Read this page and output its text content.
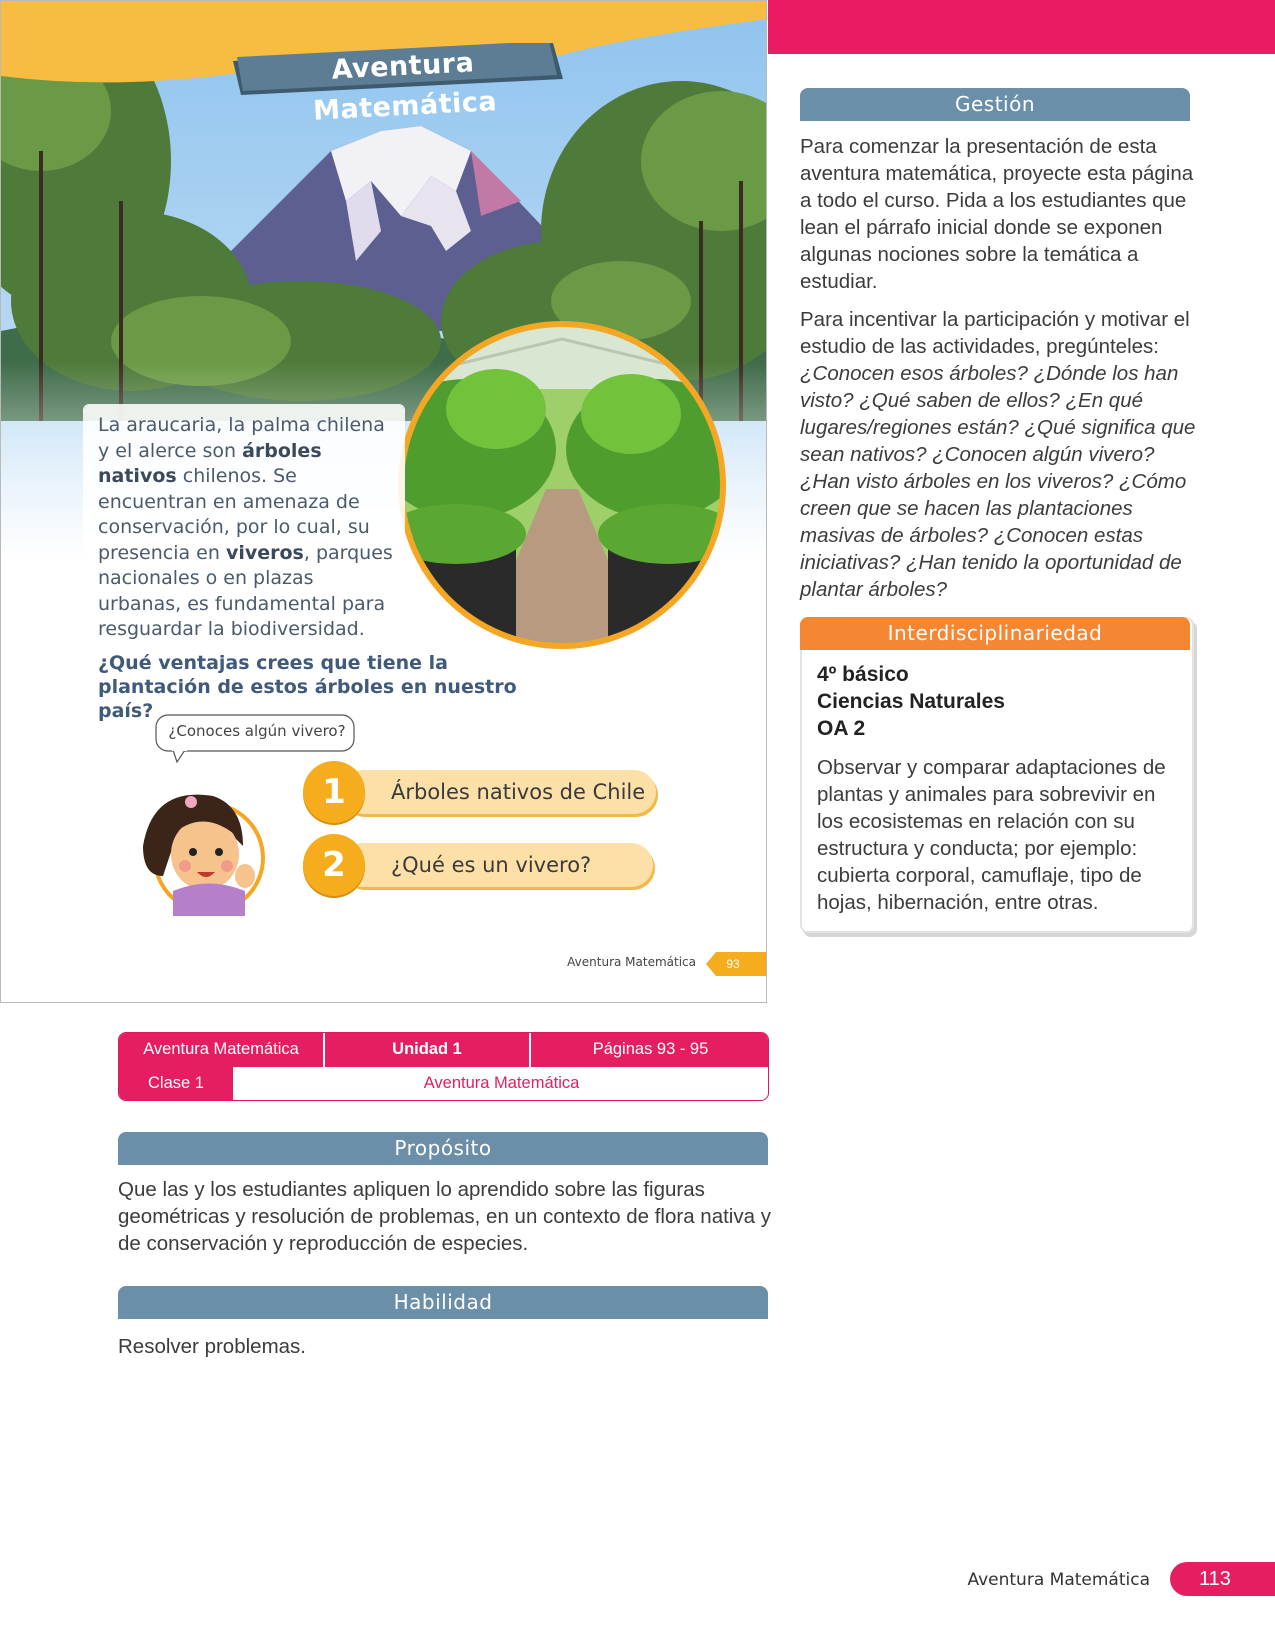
Aventura Matemática
La araucaria, la palma chilena y el alerce son árboles nativos chilenos. Se encuentran en amenaza de conservación, por lo cual, su presencia en viveros, parques nacionales o en plazas urbanas, es fundamental para resguardar la biodiversidad.
¿Qué ventajas crees que tiene la plantación de estos árboles en nuestro país?
¿Conoces algún vivero?
1	Árboles nativos de Chile
2	¿Qué es un vivero?
Aventura Matemática	93
Gestión
Para comenzar la presentación de esta aventura matemática, proyecte esta página a todo el curso. Pida a los estudiantes que lean el párrafo inicial donde se exponen algunas nociones sobre la temática a estudiar.
Para incentivar la participación y motivar el estudio de las actividades, pregúnteles: ¿Conocen esos árboles? ¿Dónde los han visto? ¿Qué saben de ellos? ¿En qué lugares/regiones están? ¿Qué significa que sean nativos? ¿Conocen algún vivero? ¿Han visto árboles en los viveros? ¿Cómo creen que se hacen las plantaciones masivas de árboles? ¿Conocen estas iniciativas? ¿Han tenido la oportunidad de plantar árboles?
Interdisciplinariedad
4º básico
Ciencias Naturales
OA 2
Observar y comparar adaptaciones de plantas y animales para sobrevivir en los ecosistemas en relación con su estructura y conducta; por ejemplo: cubierta corporal, camuflaje, tipo de hojas, hibernación, entre otras.
Aventura Matemática	Unidad 1	Páginas 93 - 95
Clase 1	Aventura Matemática
Propósito
Que las y los estudiantes apliquen lo aprendido sobre las figuras geométricas y resolución de problemas, en un contexto de flora nativa y de conservación y reproducción de especies.
Habilidad
Resolver problemas.
Aventura Matemática	113
